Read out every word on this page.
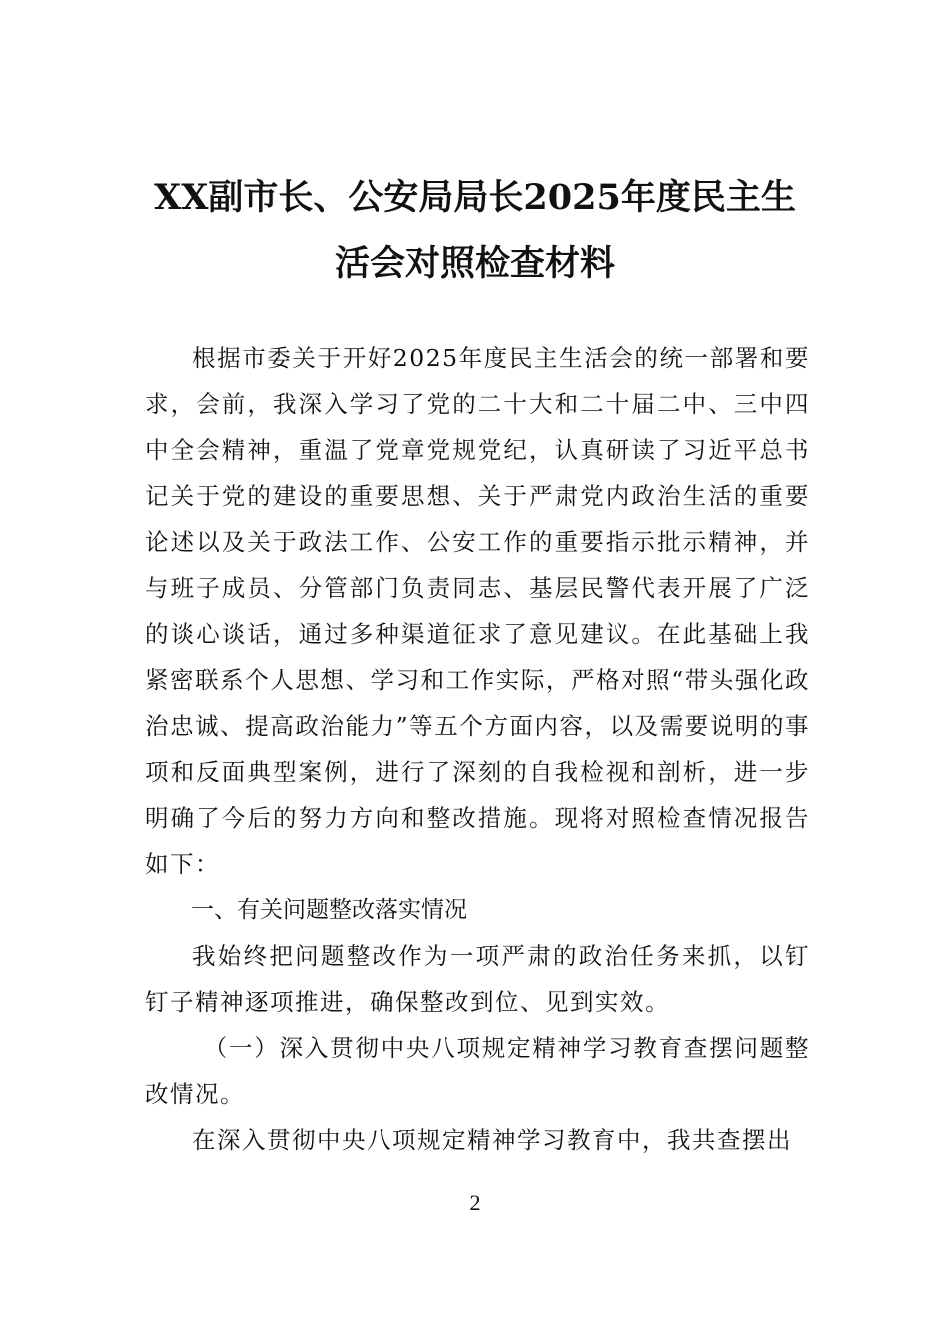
XX副市长、公安局局长2025年度民主生
活会对照检查材料

根据市委关于开好2025年度民主生活会的统一部署和要求，会前，我深入学习了党的二十大和二十届二中、三中四中全会精神，重温了党章党规党纪，认真研读了习近平总书记关于党的建设的重要思想、关于严肃党内政治生活的重要论述以及关于政法工作、公安工作的重要指示批示精神，并与班子成员、分管部门负责同志、基层民警代表开展了广泛的谈心谈话，通过多种渠道征求了意见建议。在此基础上我紧密联系个人思想、学习和工作实际，严格对照“带头强化政治忠诚、提高政治能力”等五个方面内容，以及需要说明的事项和反面典型案例，进行了深刻的自我检视和剖析，进一步明确了今后的努力方向和整改措施。现将对照检查情况报告如下：

一、有关问题整改落实情况

我始终把问题整改作为一项严肃的政治任务来抓，以钉钉子精神逐项推进，确保整改到位、见到实效。

（一）深入贯彻中央八项规定精神学习教育查摆问题整改情况。

在深入贯彻中央八项规定精神学习教育中，我共查摆出

2
